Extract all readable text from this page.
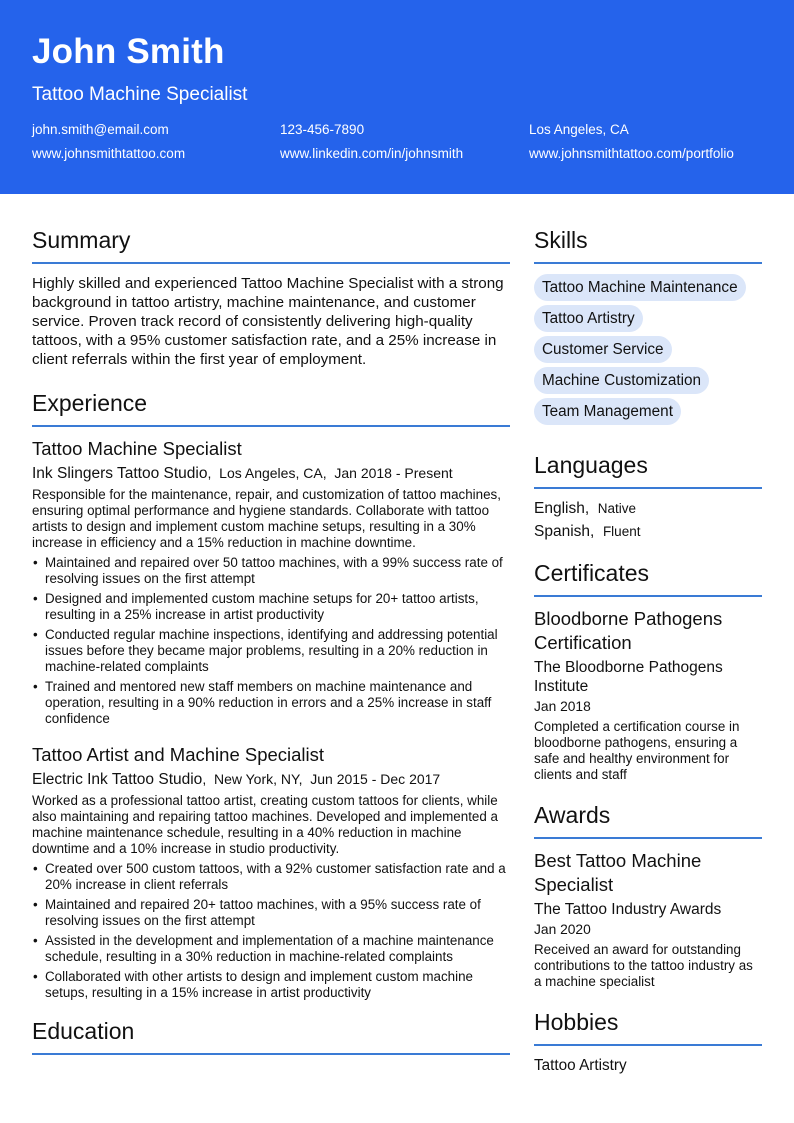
John Smith
Tattoo Machine Specialist
john.smith@email.com	123-456-7890	Los Angeles, CA
www.johnsmithtattoo.com	www.linkedin.com/in/johnsmith	www.johnsmithtattoo.com/portfolio
Summary
Highly skilled and experienced Tattoo Machine Specialist with a strong background in tattoo artistry, machine maintenance, and customer service. Proven track record of consistently delivering high-quality tattoos, with a 95% customer satisfaction rate, and a 25% increase in client referrals within the first year of employment.
Experience
Tattoo Machine Specialist
Ink Slingers Tattoo Studio,  Los Angeles, CA,  Jan 2018 - Present
Responsible for the maintenance, repair, and customization of tattoo machines, ensuring optimal performance and hygiene standards. Collaborate with tattoo artists to design and implement custom machine setups, resulting in a 30% increase in efficiency and a 15% reduction in machine downtime.
• Maintained and repaired over 50 tattoo machines, with a 99% success rate of resolving issues on the first attempt
• Designed and implemented custom machine setups for 20+ tattoo artists, resulting in a 25% increase in artist productivity
• Conducted regular machine inspections, identifying and addressing potential issues before they became major problems, resulting in a 20% reduction in machine-related complaints
• Trained and mentored new staff members on machine maintenance and operation, resulting in a 90% reduction in errors and a 25% increase in staff confidence
Tattoo Artist and Machine Specialist
Electric Ink Tattoo Studio,  New York, NY,  Jun 2015 - Dec 2017
Worked as a professional tattoo artist, creating custom tattoos for clients, while also maintaining and repairing tattoo machines. Developed and implemented a machine maintenance schedule, resulting in a 40% reduction in machine downtime and a 10% increase in studio productivity.
• Created over 500 custom tattoos, with a 92% customer satisfaction rate and a 20% increase in client referrals
• Maintained and repaired 20+ tattoo machines, with a 95% success rate of resolving issues on the first attempt
• Assisted in the development and implementation of a machine maintenance schedule, resulting in a 30% reduction in machine-related complaints
• Collaborated with other artists to design and implement custom machine setups, resulting in a 15% increase in artist productivity
Education
Skills
Tattoo Machine Maintenance
Tattoo Artistry
Customer Service
Machine Customization
Team Management
Languages
English,  Native
Spanish,  Fluent
Certificates
Bloodborne Pathogens Certification
The Bloodborne Pathogens Institute
Jan 2018
Completed a certification course in bloodborne pathogens, ensuring a safe and healthy environment for clients and staff
Awards
Best Tattoo Machine Specialist
The Tattoo Industry Awards
Jan 2020
Received an award for outstanding contributions to the tattoo industry as a machine specialist
Hobbies
Tattoo Artistry
